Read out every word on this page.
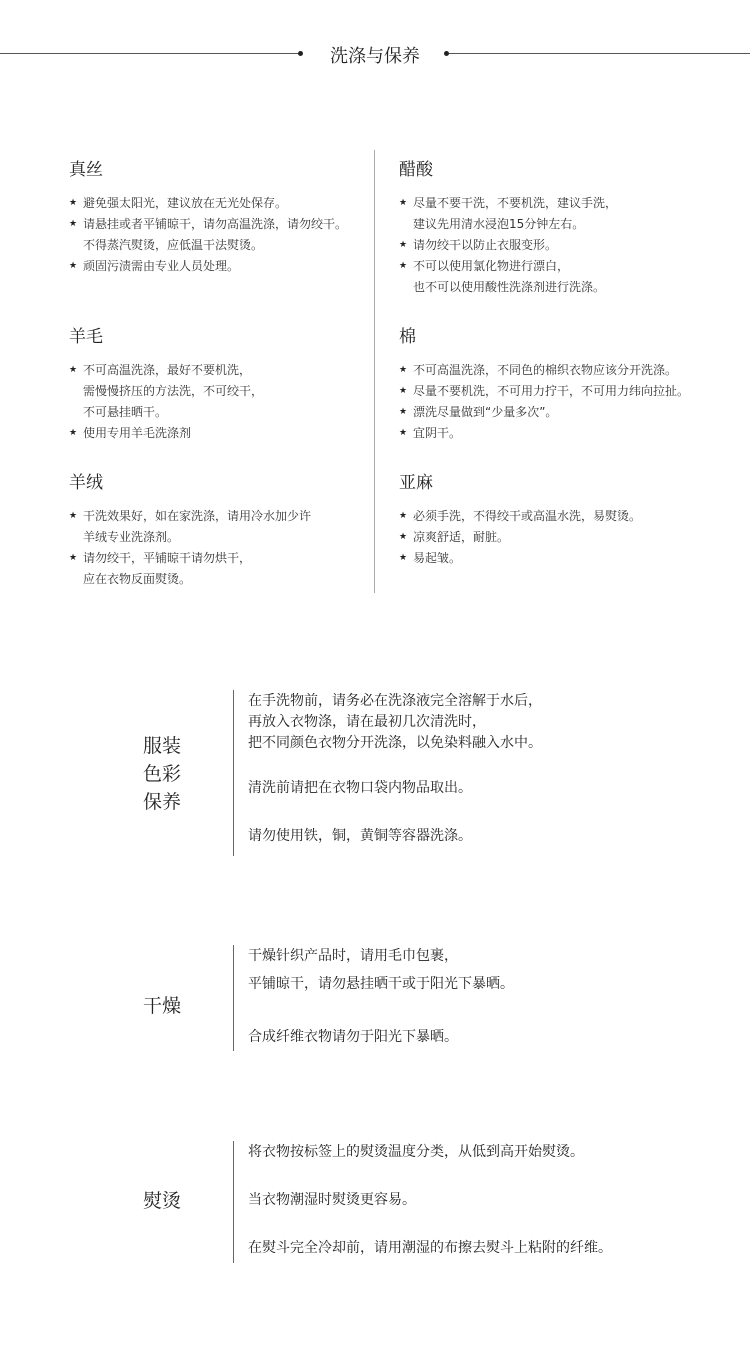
洗涤与保养
真丝
★ 避免强太阳光，建议放在无光处保存。
★ 请悬挂或者平铺晾干，请勿高温洗涤，请勿绞干。
不得蒸汽熨烫，应低温干法熨烫。
★ 顽固污渍需由专业人员处理。
醋酸
★ 尽量不要干洗，不要机洗，建议手洗，
建议先用清水浸泡15分钟左右。
★ 请勿绞干以防止衣服变形。
★ 不可以使用氯化物进行漂白，
也不可以使用酸性洗涤剂进行洗涤。
羊毛
★ 不可高温洗涤，最好不要机洗，
需慢慢挤压的方法洗，不可绞干，
不可悬挂晒干。
★ 使用专用羊毛洗涤剂
棉
★ 不可高温洗涤，不同色的棉织衣物应该分开洗涤。
★ 尽量不要机洗，不可用力拧干，不可用力纬向拉扯。
★ 漂洗尽量做到“少量多次”。
★ 宜阴干。
羊绒
★ 干洗效果好，如在家洗涤，请用冷水加少许
羊绒专业洗涤剂。
★ 请勿绞干，平铺晾干请勿烘干，
应在衣物反面熨烫。
亚麻
★ 必须手洗，不得绞干或高温水洗，易熨烫。
★ 凉爽舒适，耐脏。
★ 易起皱。
服装
色彩
保养
在手洗物前，请务必在洗涤液完全溶解于水后，
再放入衣物涤，请在最初几次清洗时，
把不同颜色衣物分开洗涤，以免染料融入水中。
清洗前请把在衣物口袋内物品取出。
请勿使用铁，铜，黄铜等容器洗涤。
干燥
干燥针织产品时，请用毛巾包裹，
平铺晾干，请勿悬挂晒干或于阳光下暴晒。
合成纤维衣物请勿于阳光下暴晒。
熨烫
将衣物按标签上的熨烫温度分类，从低到高开始熨烫。
当衣物潮湿时熨烫更容易。
在熨斗完全冷却前，请用潮湿的布擦去熨斗上粘附的纤维。
